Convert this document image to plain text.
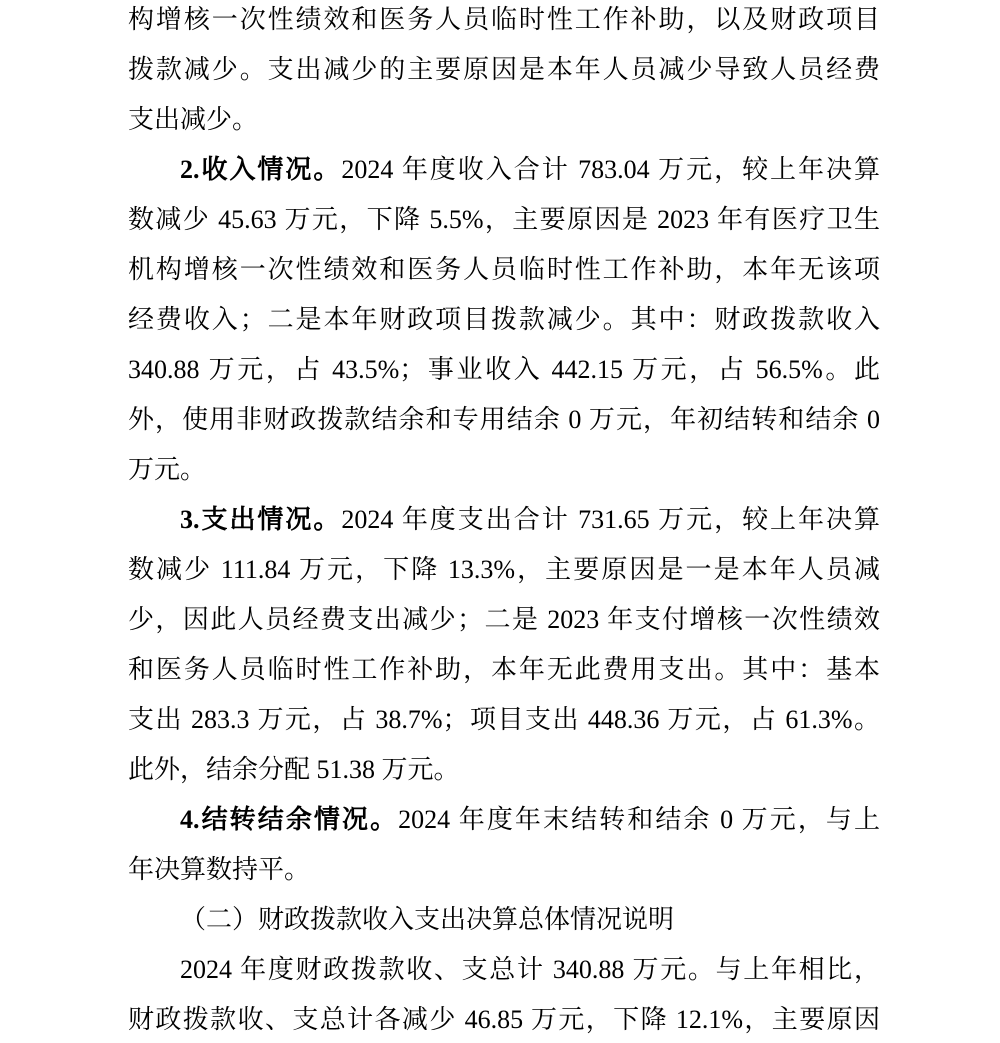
构增核一次性绩效和医务人员临时性工作补助，以及财政项目
拨款减少。支出减少的主要原因是本年人员减少导致人员经费
支出减少。
2.收入情况。2024 年度收入合计 783.04 万元，较上年决算
数减少 45.63 万元，下降 5.5%，主要原因是 2023 年有医疗卫生
机构增核一次性绩效和医务人员临时性工作补助，本年无该项
经费收入；二是本年财政项目拨款减少。其中：财政拨款收入
340.88 万元，占 43.5%；事业收入 442.15 万元，占 56.5%。此
外，使用非财政拨款结余和专用结余 0 万元，年初结转和结余 0
万元。
3.支出情况。2024 年度支出合计 731.65 万元，较上年决算
数减少 111.84 万元，下降 13.3%，主要原因是一是本年人员减
少，因此人员经费支出减少；二是 2023 年支付增核一次性绩效
和医务人员临时性工作补助，本年无此费用支出。其中：基本
支出 283.3 万元，占 38.7%；项目支出 448.36 万元，占 61.3%。
此外，结余分配 51.38 万元。
4.结转结余情况。2024 年度年末结转和结余 0 万元，与上
年决算数持平。
（二）财政拨款收入支出决算总体情况说明
2024 年度财政拨款收、支总计 340.88 万元。与上年相比，
财政拨款收、支总计各减少 46.85 万元，下降 12.1%，主要原因
